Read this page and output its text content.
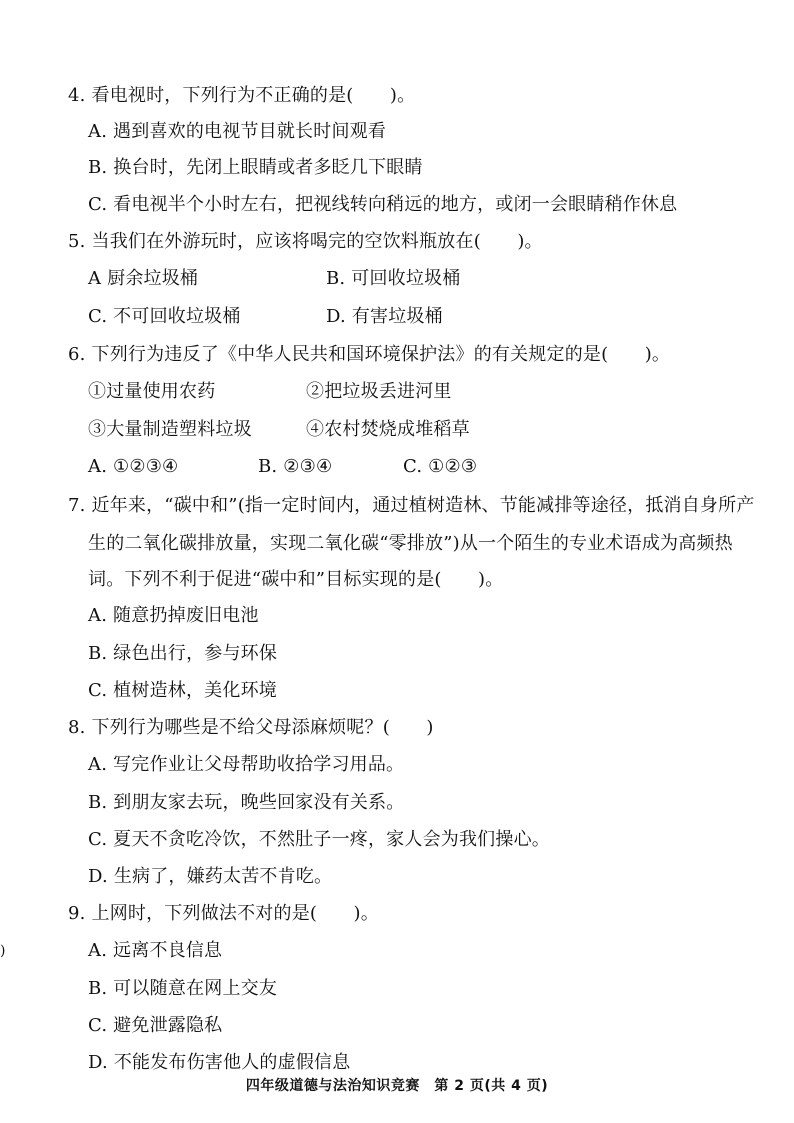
4. 看电视时，下列行为不正确的是(　　)。
A. 遇到喜欢的电视节目就长时间观看
B. 换台时，先闭上眼睛或者多眨几下眼睛
C. 看电视半个小时左右，把视线转向稍远的地方，或闭一会眼睛稍作休息
5. 当我们在外游玩时，应该将喝完的空饮料瓶放在(　　)。
A 厨余垃圾桶	B. 可回收垃圾桶
C. 不可回收垃圾桶	D. 有害垃圾桶
6. 下列行为违反了《中华人民共和国环境保护法》的有关规定的是(　　)。
①过量使用农药	②把垃圾丢进河里
③大量制造塑料垃圾	④农村焚烧成堆稻草
A. ①②③④	B. ②③④	C. ①②③
7. 近年来，“碳中和”(指一定时间内，通过植树造林、节能减排等途径，抵消自身所产
生的二氧化碳排放量，实现二氧化碳“零排放”)从一个陌生的专业术语成为高频热
词。下列不利于促进“碳中和”目标实现的是(　　)。
A. 随意扔掉废旧电池
B. 绿色出行，参与环保
C. 植树造林，美化环境
8. 下列行为哪些是不给父母添麻烦呢？(　　)
A. 写完作业让父母帮助收拾学习用品。
B. 到朋友家去玩，晚些回家没有关系。
C. 夏天不贪吃冷饮，不然肚子一疼，家人会为我们操心。
D. 生病了，嫌药太苦不肯吃。
9. 上网时，下列做法不对的是(　　)。
A. 远离不良信息
B. 可以随意在网上交友
C. 避免泄露隐私
D. 不能发布伤害他人的虚假信息
)
四年级道德与法治知识竞赛　第 2 页(共 4 页)
